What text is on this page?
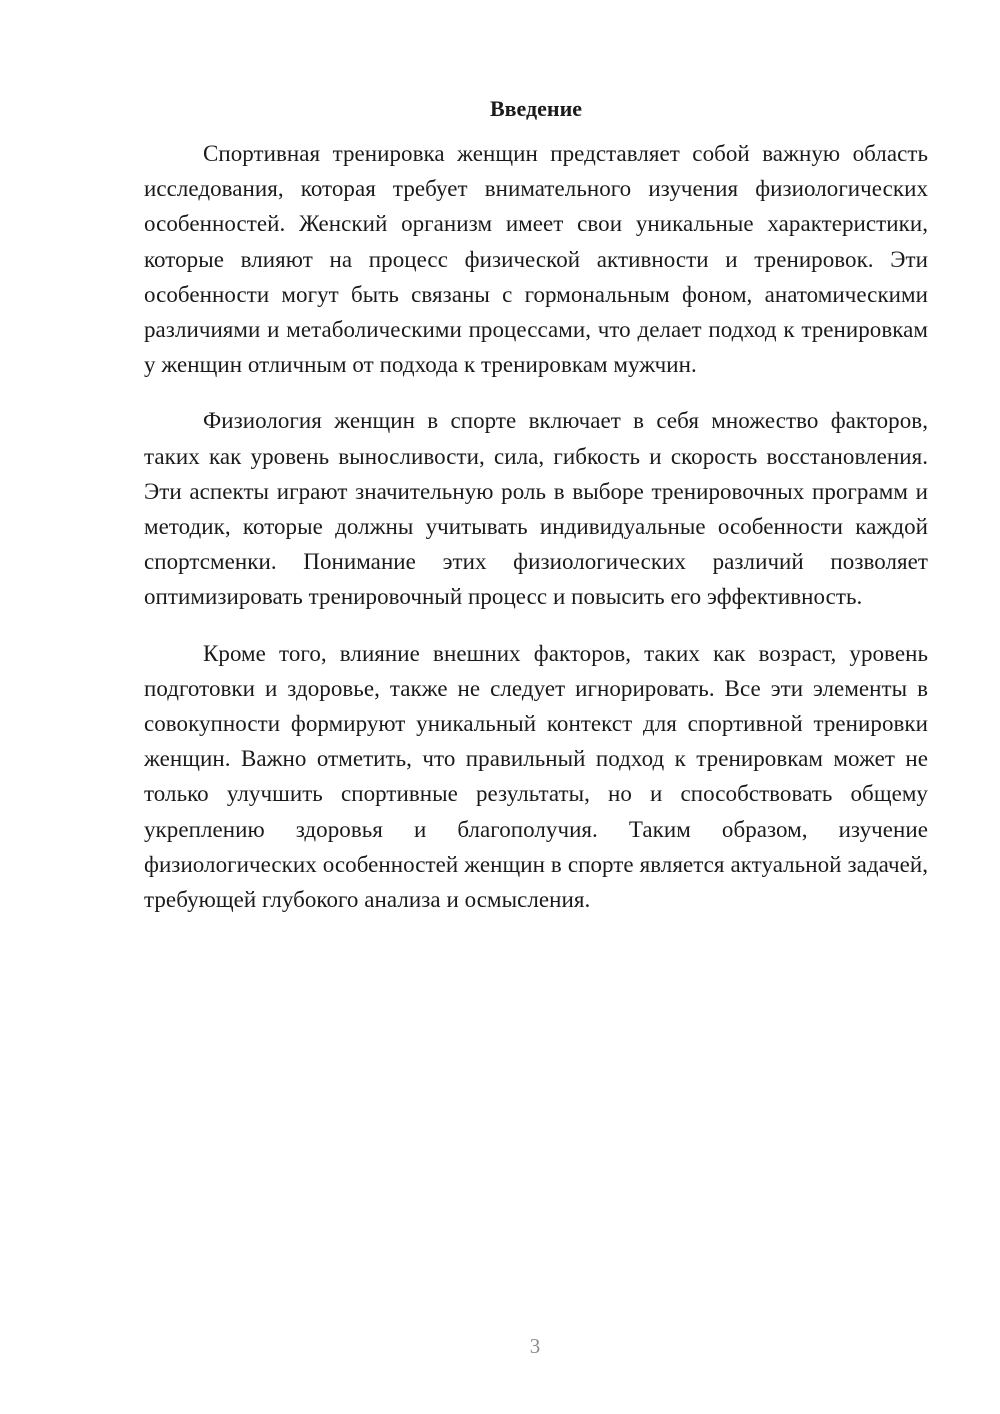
Введение

Спортивная тренировка женщин представляет собой важную область исследования, которая требует внимательного изучения физиологических особенностей. Женский организм имеет свои уникальные характеристики, которые влияют на процесс физической активности и тренировок. Эти особенности могут быть связаны с гормональным фоном, анатомическими различиями и метаболическими процессами, что делает подход к тренировкам у женщин отличным от подхода к тренировкам мужчин.

Физиология женщин в спорте включает в себя множество факторов, таких как уровень выносливости, сила, гибкость и скорость восстановления. Эти аспекты играют значительную роль в выборе тренировочных программ и методик, которые должны учитывать индивидуальные особенности каждой спортсменки. Понимание этих физиологических различий позволяет оптимизировать тренировочный процесс и повысить его эффективность.

Кроме того, влияние внешних факторов, таких как возраст, уровень подготовки и здоровье, также не следует игнорировать. Все эти элементы в совокупности формируют уникальный контекст для спортивной тренировки женщин. Важно отметить, что правильный подход к тренировкам может не только улучшить спортивные результаты, но и способствовать общему укреплению здоровья и благополучия. Таким образом, изучение физиологических особенностей женщин в спорте является актуальной задачей, требующей глубокого анализа и осмысления.

3
